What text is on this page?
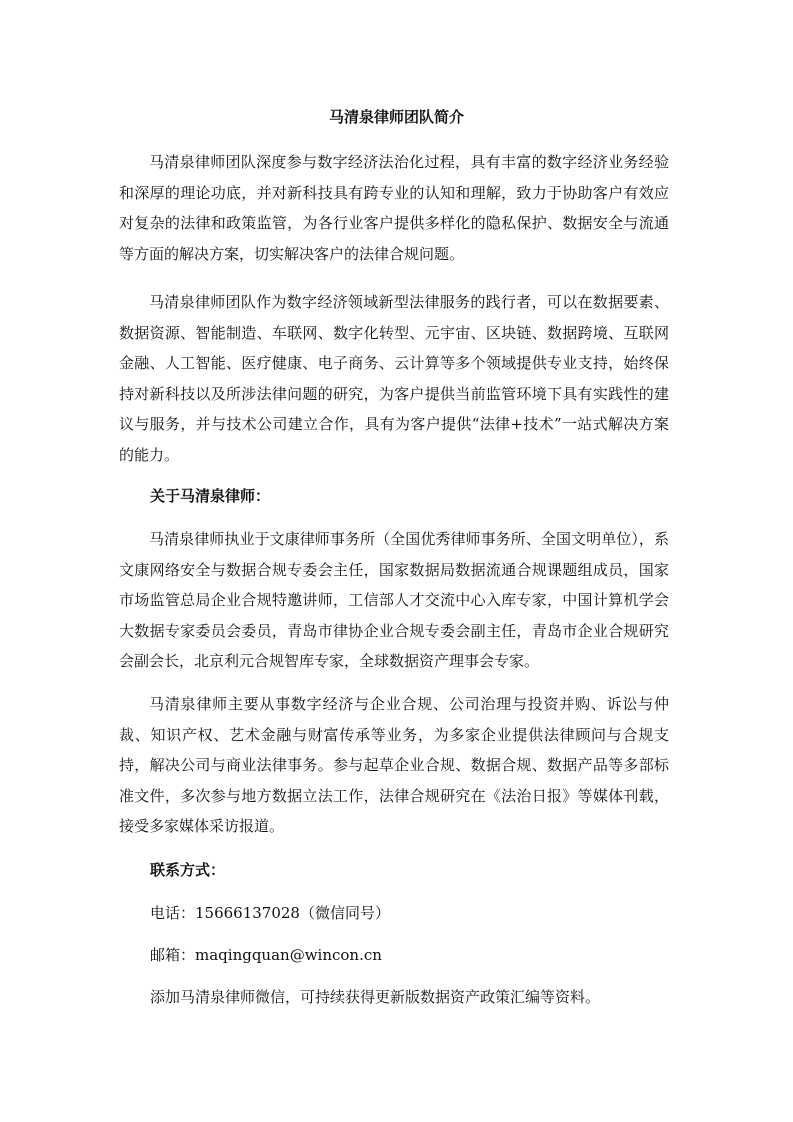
马清泉律师团队简介

马清泉律师团队深度参与数字经济法治化过程，具有丰富的数字经济业务经验和深厚的理论功底，并对新科技具有跨专业的认知和理解，致力于协助客户有效应对复杂的法律和政策监管，为各行业客户提供多样化的隐私保护、数据安全与流通等方面的解决方案，切实解决客户的法律合规问题。

马清泉律师团队作为数字经济领域新型法律服务的践行者，可以在数据要素、数据资源、智能制造、车联网、数字化转型、元宇宙、区块链、数据跨境、互联网金融、人工智能、医疗健康、电子商务、云计算等多个领域提供专业支持，始终保持对新科技以及所涉法律问题的研究，为客户提供当前监管环境下具有实践性的建议与服务，并与技术公司建立合作，具有为客户提供“法律+技术”一站式解决方案的能力。

关于马清泉律师：

马清泉律师执业于文康律师事务所（全国优秀律师事务所、全国文明单位），系文康网络安全与数据合规专委会主任，国家数据局数据流通合规课题组成员，国家市场监管总局企业合规特邀讲师，工信部人才交流中心入库专家，中国计算机学会大数据专家委员会委员，青岛市律协企业合规专委会副主任，青岛市企业合规研究会副会长，北京利元合规智库专家，全球数据资产理事会专家。

马清泉律师主要从事数字经济与企业合规、公司治理与投资并购、诉讼与仲裁、知识产权、艺术金融与财富传承等业务，为多家企业提供法律顾问与合规支持，解决公司与商业法律事务。参与起草企业合规、数据合规、数据产品等多部标准文件，多次参与地方数据立法工作，法律合规研究在《法治日报》等媒体刊载，接受多家媒体采访报道。

联系方式：
电话：15666137028（微信同号）
邮箱：maqingquan@wincon.cn
添加马清泉律师微信，可持续获得更新版数据资产政策汇编等资料。
